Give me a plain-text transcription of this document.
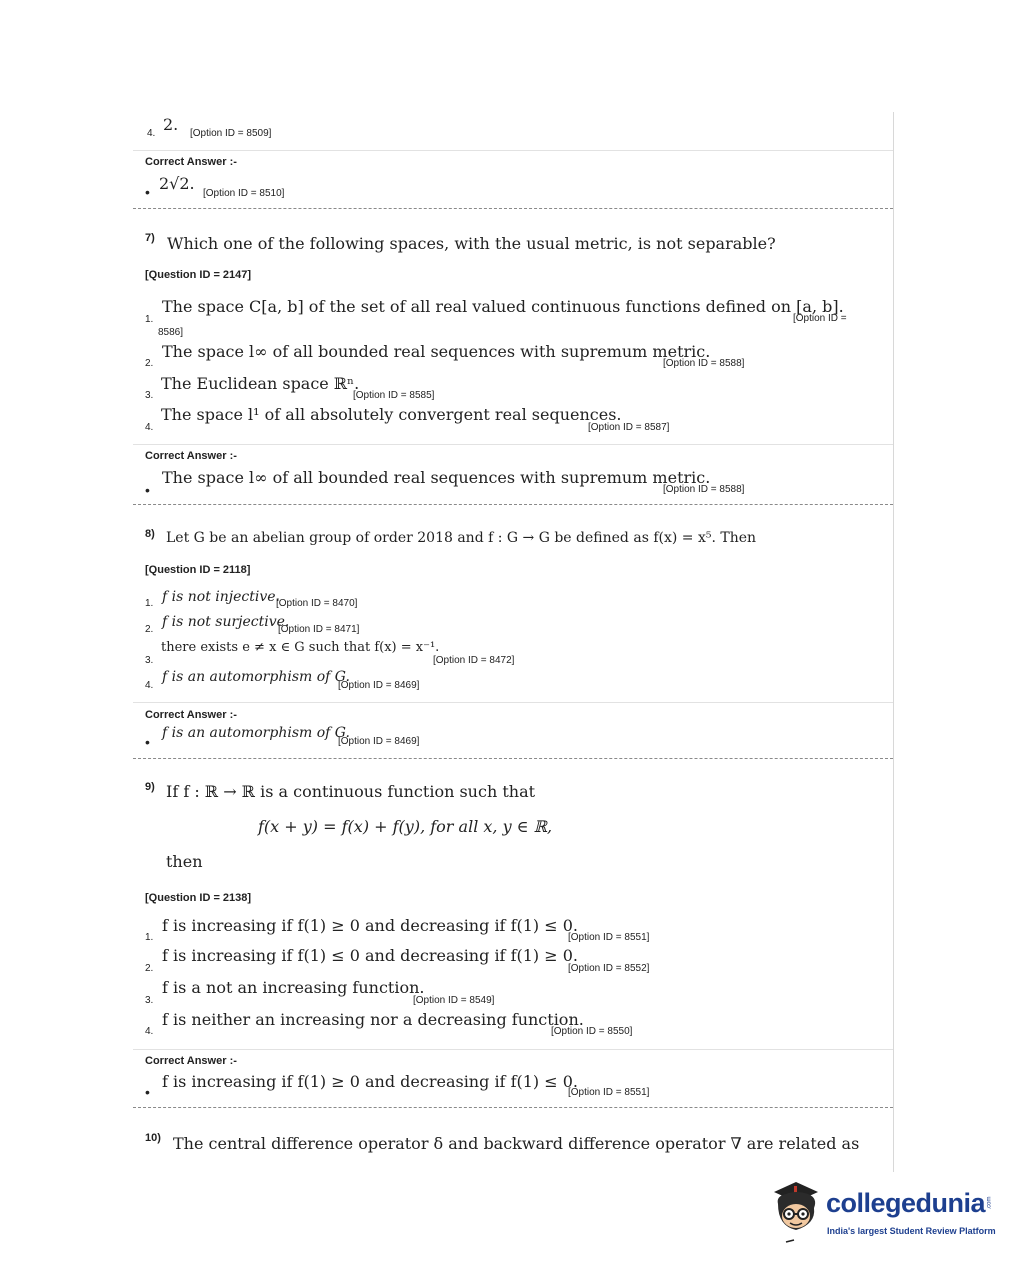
4. 2. [Option ID = 8509]
Correct Answer :-
• 2√2.
[Option ID = 8510]
7) Which one of the following spaces, with the usual metric, is not separable?
[Question ID = 2147]
1.
The space C[a, b] of the set of all real valued continuous functions defined on [a, b].
[Option ID =
8586]
2.
The space l∞ of all bounded real sequences with supremum metric.
[Option ID = 8588]
3.
The Euclidean space ℝⁿ.
[Option ID = 8585]
4.
The space l¹ of all absolutely convergent real sequences.
[Option ID = 8587]
Correct Answer :-
•
The space l∞ of all bounded real sequences with supremum metric.
[Option ID = 8588]
8) Let G be an abelian group of order 2018 and f : G → G be defined as f(x) = x⁵. Then
[Question ID = 2118]
1. f is not injective.
[Option ID = 8470]
2. f is not surjective.
[Option ID = 8471]
3.
there exists e ≠ x ∈ G such that f(x) = x⁻¹.
[Option ID = 8472]
4.
f is an automorphism of G.
[Option ID = 8469]
Correct Answer :-
•
f is an automorphism of G.
[Option ID = 8469]
9) If f : ℝ → ℝ is a continuous function such that
f(x + y) = f(x) + f(y), for all x, y ∈ ℝ,
then
[Question ID = 2138]
1.
f is increasing if f(1) ≥ 0 and decreasing if f(1) ≤ 0.
[Option ID = 8551]
2.
f is increasing if f(1) ≤ 0 and decreasing if f(1) ≥ 0.
[Option ID = 8552]
3.
f is a not an increasing function.
[Option ID = 8549]
4.
f is neither an increasing nor a decreasing function.
[Option ID = 8550]
Correct Answer :-
•
f is increasing if f(1) ≥ 0 and decreasing if f(1) ≤ 0.
[Option ID = 8551]
10) The central difference operator δ and backward difference operator ∇ are related as
collegedunia .com
India's largest Student Review Platform
